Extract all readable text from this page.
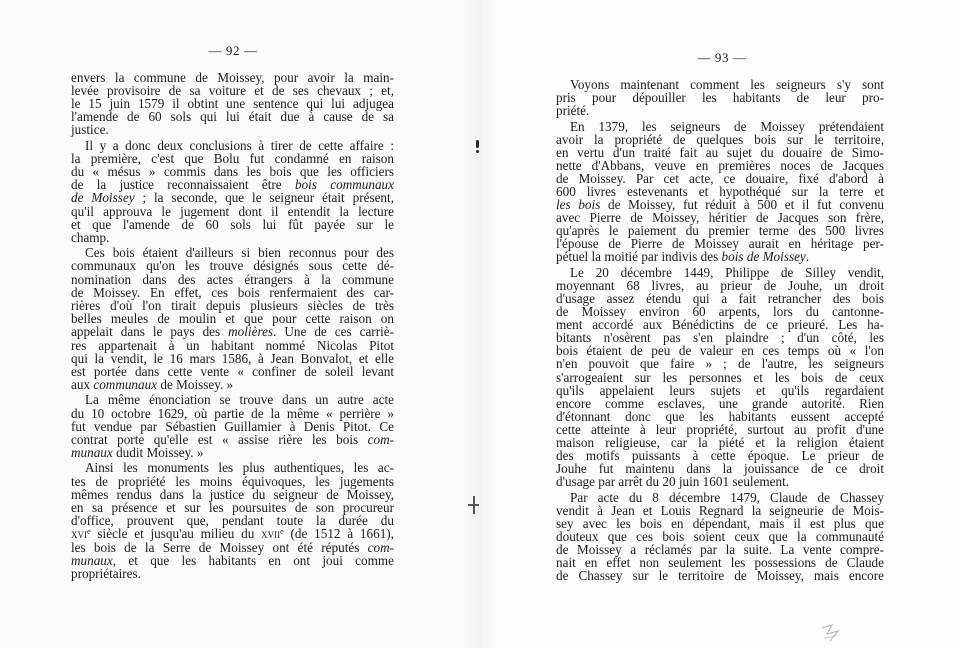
— 92 —
envers la commune de Moissey, pour avoir la main-
levée provisoire de sa voiture et de ses chevaux ; et,
le 15 juin 1579 il obtint une sentence qui lui adjugea
l'amende de 60 sols qui lui était due à cause de sa
justice.
Il y a donc deux conclusions à tirer de cette affaire :
la première, c'est que Bolu fut condamné en raison
du « mésus » commis dans les bois que les officiers
de la justice reconnaissaient être bois communaux
de Moissey ; la seconde, que le seigneur était présent,
qu'il approuva le jugement dont il entendit la lecture
et que l'amende de 60 sols lui fût payée sur le
champ.
Ces bois étaient d'ailleurs si bien reconnus pour des
communaux qu'on les trouve désignés sous cette dé-
nomination dans des actes étrangers à la commune
de Moissey. En effet, ces bois renfermaient des car-
rières d'où l'on tirait depuis plusieurs siècles de très
belles meules de moulin et que pour cette raison on
appelait dans le pays des molières. Une de ces carriè-
res appartenait à un habitant nommé Nicolas Pitot
qui la vendit, le 16 mars 1586, à Jean Bonvalot, et elle
est portée dans cette vente « confiner de soleil levant
aux communaux de Moissey. »
La même énonciation se trouve dans un autre acte
du 10 octobre 1629, où partie de la même « perrière »
fut vendue par Sébastien Guillamier à Denis Pitot. Ce
contrat porte qu'elle est « assise rière les bois com-
munaux dudit Moissey. »
Ainsi les monuments les plus authentiques, les ac-
tes de propriété les moins équivoques, les jugements
mêmes rendus dans la justice du seigneur de Moissey,
en sa présence et sur les poursuites de son procureur
d'office, prouvent que, pendant toute la durée du
xvi$^e$ siècle et jusqu'au milieu du xvii$^e$ (de 1512 à 1661),
les bois de la Serre de Moissey ont été réputés com-
munaux, et que les habitants en ont joui comme
propriétaires.
— 93 —
Voyons maintenant comment les seigneurs s'y sont
pris pour dépouiller les habitants de leur pro-
priété.
En 1379, les seigneurs de Moissey prétendaient
avoir la propriété de quelques bois sur le territoire,
en vertu d'un traité fait au sujet du douaire de Simo-
nette d'Abbans, veuve en premières noces de Jacques
de Moissey. Par cet acte, ce douaire, fixé d'abord à
600 livres estevenants et hypothéqué sur la terre et
les bois de Moissey, fut réduit à 500 et il fut convenu
avec Pierre de Moissey, héritier de Jacques son frère,
qu'après le paiement du premier terme des 500 livres
l'épouse de Pierre de Moissey aurait en héritage per-
pétuel la moitié par indivis des bois de Moissey.
Le 20 décembre 1449, Philippe de Silley vendit,
moyennant 68 livres, au prieur de Jouhe, un droit
d'usage assez étendu qui a fait retrancher des bois
de Moissey environ 60 arpents, lors du cantonne-
ment accordé aux Bénédictins de ce prieuré. Les ha-
bitants n'osèrent pas s'en plaindre ; d'un côté, les
bois étaient de peu de valeur en ces temps où « l'on
n'en pouvoit que faire » ; de l'autre, les seigneurs
s'arrogeaient sur les personnes et les bois de ceux
qu'ils appelaient leurs sujets et qu'ils regardaient
encore comme esclaves, une grande autorité. Rien
d'étonnant donc que les habitants eussent accepté
cette atteinte à leur propriété, surtout au profit d'une
maison religieuse, car la piété et la religion étaient
des motifs puissants à cette époque. Le prieur de
Jouhe fut maintenu dans la jouissance de ce droit
d'usage par arrêt du 20 juin 1601 seulement.
Par acte du 8 décembre 1479, Claude de Chassey
vendit à Jean et Louis Regnard la seigneurie de Mois-
sey avec les bois en dépendant, mais il est plus que
douteux que ces bois soient ceux que la communauté
de Moissey a réclamés par la suite. La vente compre-
nait en effet non seulement les possessions de Claude
de Chassey sur le territoire de Moissey, mais encore
